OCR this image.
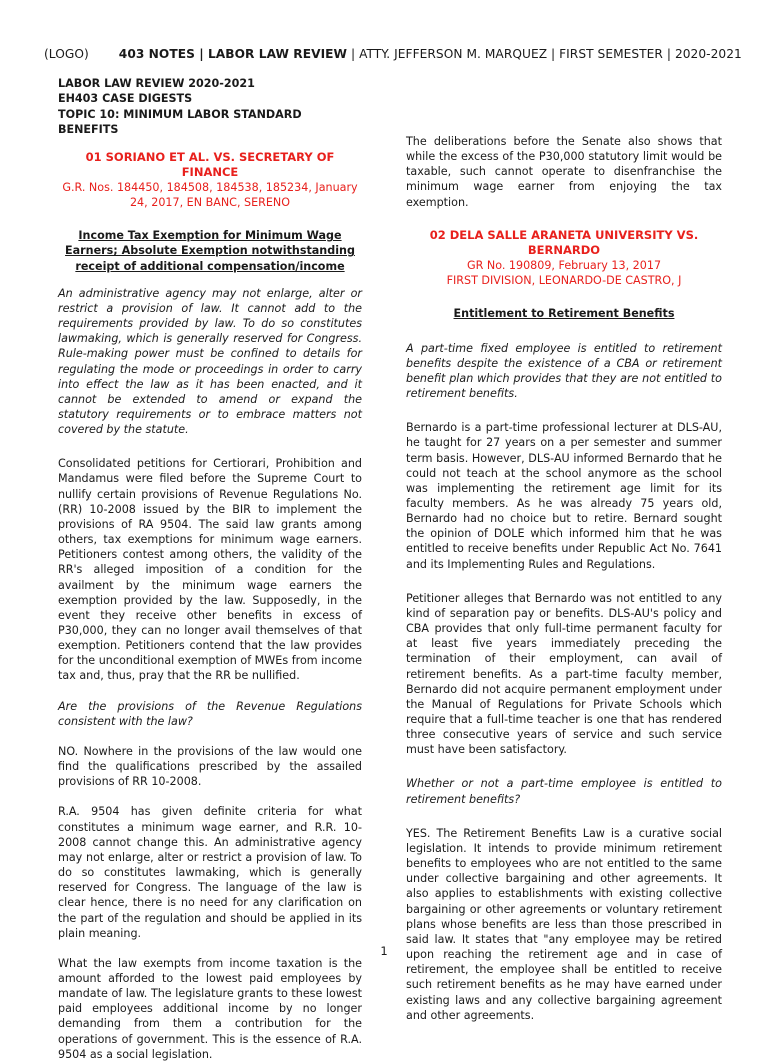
(LOGO) 403 NOTES | LABOR LAW REVIEW | ATTY. JEFFERSON M. MARQUEZ | FIRST SEMESTER | 2020-2021
LABOR LAW REVIEW 2020-2021
EH403 CASE DIGESTS
TOPIC 10: MINIMUM LABOR STANDARD BENEFITS
01 SORIANO ET AL. VS. SECRETARY OF FINANCE
G.R. Nos. 184450, 184508, 184538, 185234, January 24, 2017, EN BANC, SERENO
Income Tax Exemption for Minimum Wage Earners; Absolute Exemption notwithstanding receipt of additional compensation/income

An administrative agency may not enlarge, alter or restrict a provision of law. It cannot add to the requirements provided by law. To do so constitutes lawmaking, which is generally reserved for Congress. Rule-making power must be confined to details for regulating the mode or proceedings in order to carry into effect the law as it has been enacted, and it cannot be extended to amend or expand the statutory requirements or to embrace matters not covered by the statute.

Consolidated petitions for Certiorari, Prohibition and Mandamus were filed before the Supreme Court to nullify certain provisions of Revenue Regulations No. (RR) 10-2008 issued by the BIR to implement the provisions of RA 9504. The said law grants among others, tax exemptions for minimum wage earners. Petitioners contest among others, the validity of the RR's alleged imposition of a condition for the availment by the minimum wage earners the exemption provided by the law. Supposedly, in the event they receive other benefits in excess of P30,000, they can no longer avail themselves of that exemption. Petitioners contend that the law provides for the unconditional exemption of MWEs from income tax and, thus, pray that the RR be nullified.

Are the provisions of the Revenue Regulations consistent with the law?

NO. Nowhere in the provisions of the law would one find the qualifications prescribed by the assailed provisions of RR 10-2008.

R.A. 9504 has given definite criteria for what constitutes a minimum wage earner, and R.R. 10-2008 cannot change this. An administrative agency may not enlarge, alter or restrict a provision of law. To do so constitutes lawmaking, which is generally reserved for Congress. The language of the law is clear hence, there is no need for any clarification on the part of the regulation and should be applied in its plain meaning.

What the law exempts from income taxation is the amount afforded to the lowest paid employees by mandate of law. The legislature grants to these lowest paid employees additional income by no longer demanding from them a contribution for the operations of government. This is the essence of R.A. 9504 as a social legislation.

The deliberations before the Senate also shows that while the excess of the P30,000 statutory limit would be taxable, such cannot operate to disenfranchise the minimum wage earner from enjoying the tax exemption.

02 DELA SALLE ARANETA UNIVERSITY VS. BERNARDO
GR No. 190809, February 13, 2017
FIRST DIVISION, LEONARDO-DE CASTRO, J
Entitlement to Retirement Benefits

A part-time fixed employee is entitled to retirement benefits despite the existence of a CBA or retirement benefit plan which provides that they are not entitled to retirement benefits.

Bernardo is a part-time professional lecturer at DLS-AU, he taught for 27 years on a per semester and summer term basis. However, DLS-AU informed Bernardo that he could not teach at the school anymore as the school was implementing the retirement age limit for its faculty members. As he was already 75 years old, Bernardo had no choice but to retire. Bernard sought the opinion of DOLE which informed him that he was entitled to receive benefits under Republic Act No. 7641 and its Implementing Rules and Regulations.

Petitioner alleges that Bernardo was not entitled to any kind of separation pay or benefits. DLS-AU's policy and CBA provides that only full-time permanent faculty for at least five years immediately preceding the termination of their employment, can avail of retirement benefits. As a part-time faculty member, Bernardo did not acquire permanent employment under the Manual of Regulations for Private Schools which require that a full-time teacher is one that has rendered three consecutive years of service and such service must have been satisfactory.

Whether or not a part-time employee is entitled to retirement benefits?

YES. The Retirement Benefits Law is a curative social legislation. It intends to provide minimum retirement benefits to employees who are not entitled to the same under collective bargaining and other agreements. It also applies to establishments with existing collective bargaining or other agreements or voluntary retirement plans whose benefits are less than those prescribed in said law. It states that "any employee may be retired upon reaching the retirement age and in case of retirement, the employee shall be entitled to receive such retirement benefits as he may have earned under existing laws and any collective bargaining agreement and other agreements.

1
